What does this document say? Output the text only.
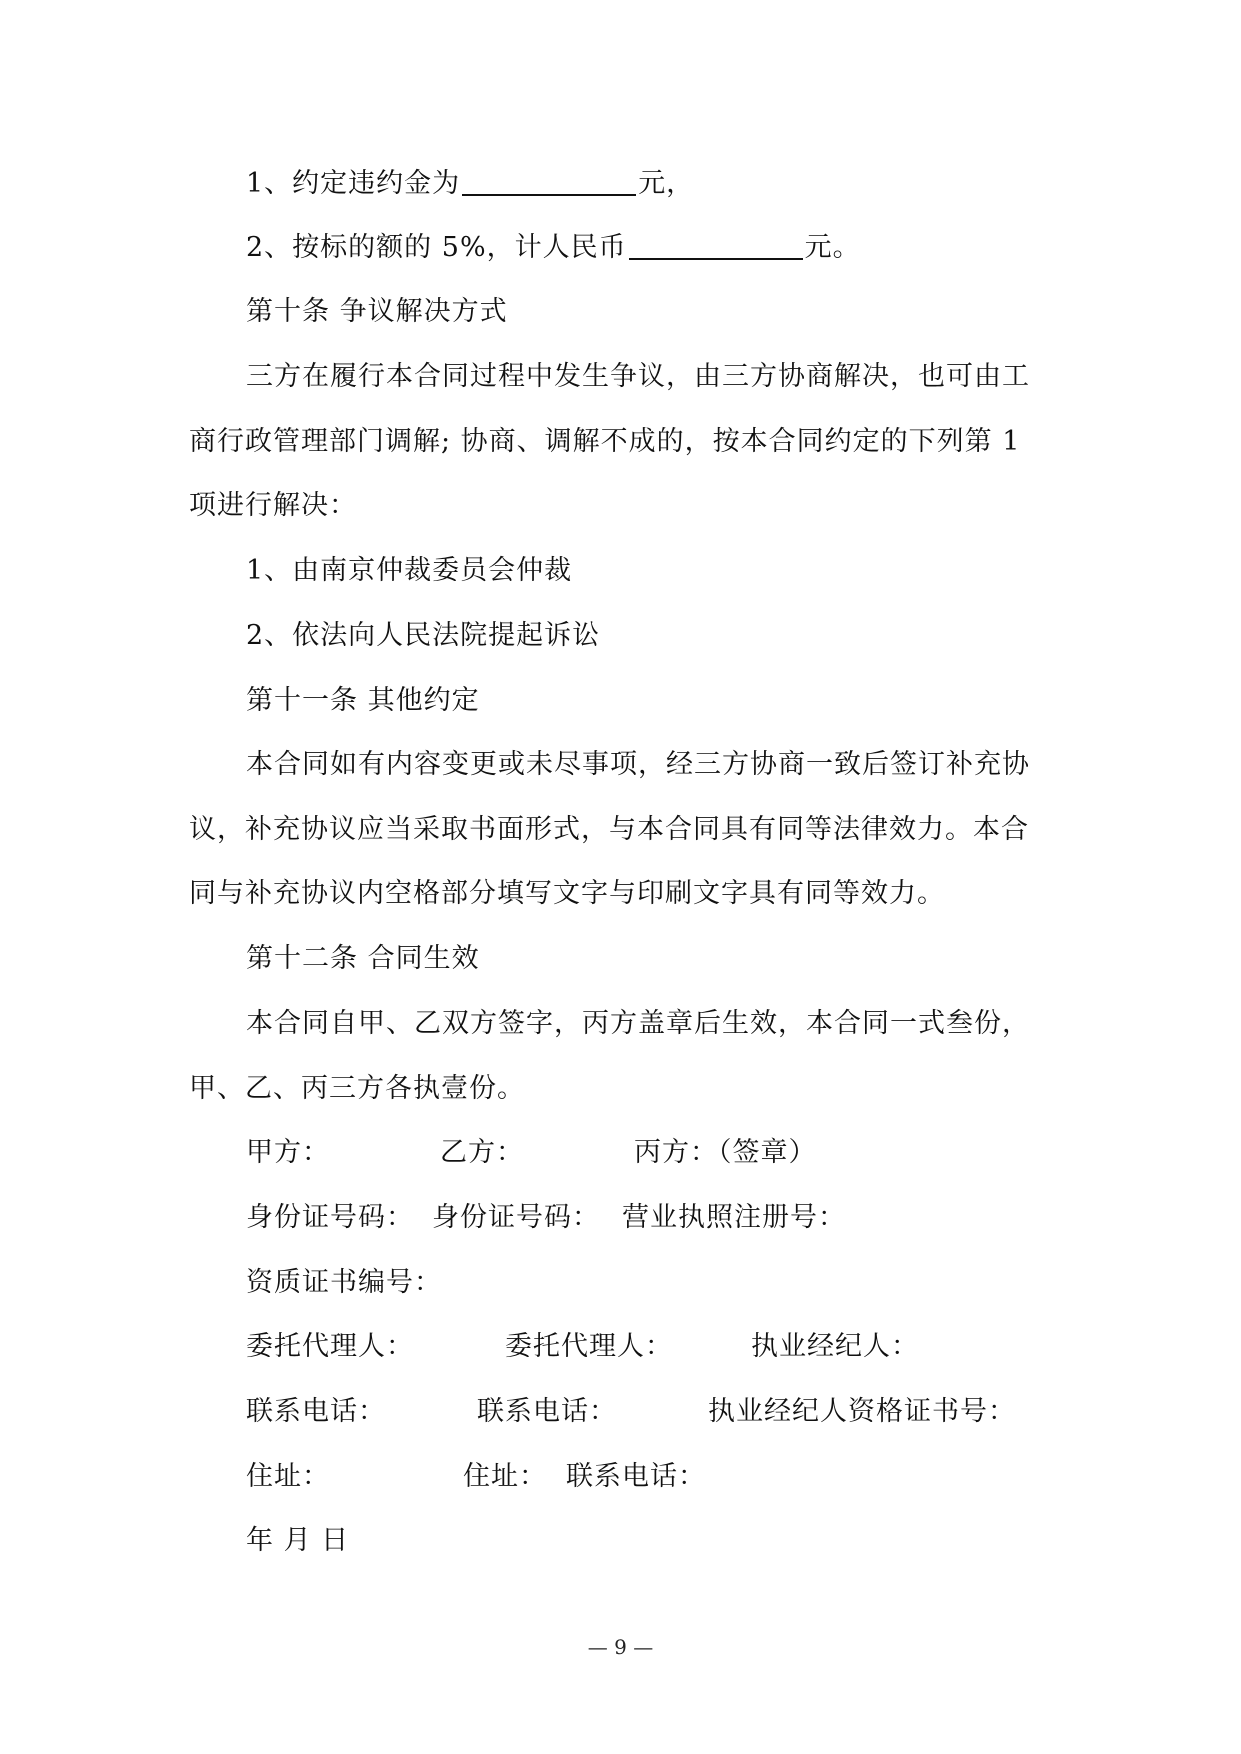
1、约定违约金为	元，
2、按标的额的 5%，计人民币	元。
第十条 争议解决方式
三方在履行本合同过程中发生争议，由三方协商解决，也可由工
商行政管理部门调解; 协商、调解不成的，按本合同约定的下列第 1
项进行解决：
1、由南京仲裁委员会仲裁
2、依法向人民法院提起诉讼
第十一条 其他约定
本合同如有内容变更或未尽事项，经三方协商一致后签订补充协
议，补充协议应当采取书面形式，与本合同具有同等法律效力。本合
同与补充协议内空格部分填写文字与印刷文字具有同等效力。
第十二条 合同生效
本合同自甲、乙双方签字，丙方盖章后生效，本合同一式叁份，
甲、乙、丙三方各执壹份。
甲方：	乙方：	丙方：（签章）
身份证号码： 身份证号码： 营业执照注册号：
资质证书编号：
委托代理人：	委托代理人：	执业经纪人：
联系电话：	联系电话：	执业经纪人资格证书号：
住址：	住址： 联系电话：
年 月 日
— 9 —
